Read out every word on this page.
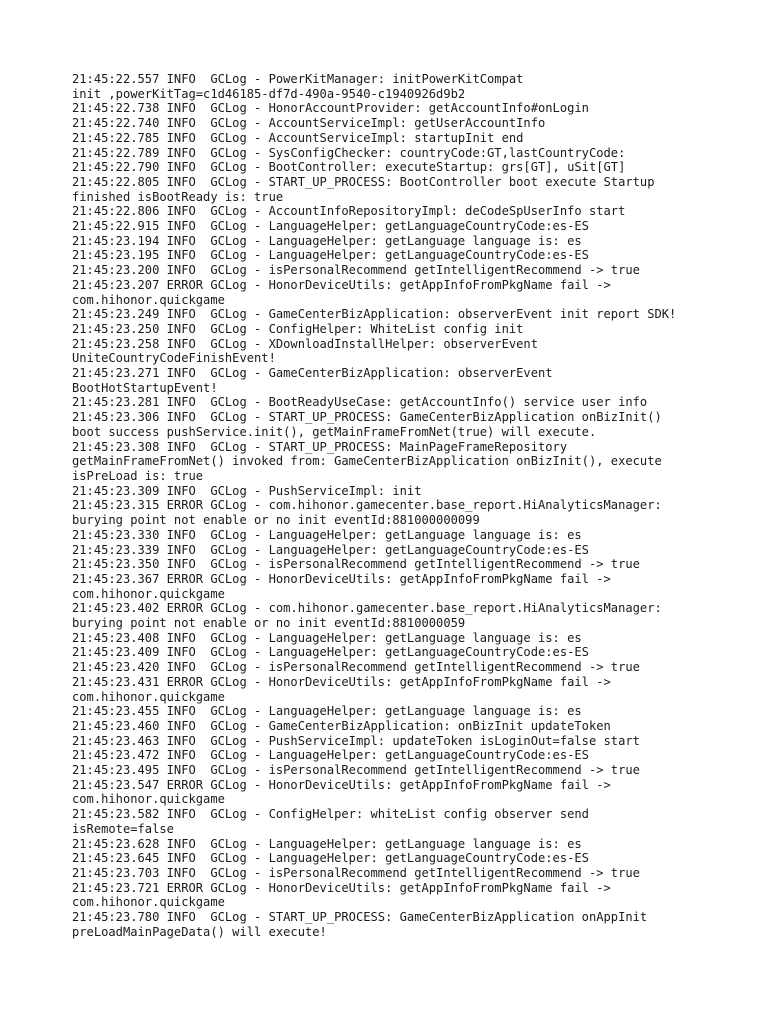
21:45:22.557 INFO  GCLog - PowerKitManager: initPowerKitCompat
init ,powerKitTag=c1d46185-df7d-490a-9540-c1940926d9b2
21:45:22.738 INFO  GCLog - HonorAccountProvider: getAccountInfo#onLogin
21:45:22.740 INFO  GCLog - AccountServiceImpl: getUserAccountInfo
21:45:22.785 INFO  GCLog - AccountServiceImpl: startupInit end
21:45:22.789 INFO  GCLog - SysConfigChecker: countryCode:GT,lastCountryCode:
21:45:22.790 INFO  GCLog - BootController: executeStartup: grs[GT], uSit[GT]
21:45:22.805 INFO  GCLog - START_UP_PROCESS: BootController boot execute Startup
finished isBootReady is: true
21:45:22.806 INFO  GCLog - AccountInfoRepositoryImpl: deCodeSpUserInfo start
21:45:22.915 INFO  GCLog - LanguageHelper: getLanguageCountryCode:es-ES
21:45:23.194 INFO  GCLog - LanguageHelper: getLanguage language is: es
21:45:23.195 INFO  GCLog - LanguageHelper: getLanguageCountryCode:es-ES
21:45:23.200 INFO  GCLog - isPersonalRecommend getIntelligentRecommend -> true
21:45:23.207 ERROR GCLog - HonorDeviceUtils: getAppInfoFromPkgName fail ->
com.hihonor.quickgame
21:45:23.249 INFO  GCLog - GameCenterBizApplication: observerEvent init report SDK!
21:45:23.250 INFO  GCLog - ConfigHelper: WhiteList config init
21:45:23.258 INFO  GCLog - XDownloadInstallHelper: observerEvent
UniteCountryCodeFinishEvent!
21:45:23.271 INFO  GCLog - GameCenterBizApplication: observerEvent
BootHotStartupEvent!
21:45:23.281 INFO  GCLog - BootReadyUseCase: getAccountInfo() service user info
21:45:23.306 INFO  GCLog - START_UP_PROCESS: GameCenterBizApplication onBizInit()
boot success pushService.init(), getMainFrameFromNet(true) will execute.
21:45:23.308 INFO  GCLog - START_UP_PROCESS: MainPageFrameRepository
getMainFrameFromNet() invoked from: GameCenterBizApplication onBizInit(), execute
isPreLoad is: true
21:45:23.309 INFO  GCLog - PushServiceImpl: init
21:45:23.315 ERROR GCLog - com.hihonor.gamecenter.base_report.HiAnalyticsManager:
burying point not enable or no init eventId:881000000099
21:45:23.330 INFO  GCLog - LanguageHelper: getLanguage language is: es
21:45:23.339 INFO  GCLog - LanguageHelper: getLanguageCountryCode:es-ES
21:45:23.350 INFO  GCLog - isPersonalRecommend getIntelligentRecommend -> true
21:45:23.367 ERROR GCLog - HonorDeviceUtils: getAppInfoFromPkgName fail ->
com.hihonor.quickgame
21:45:23.402 ERROR GCLog - com.hihonor.gamecenter.base_report.HiAnalyticsManager:
burying point not enable or no init eventId:8810000059
21:45:23.408 INFO  GCLog - LanguageHelper: getLanguage language is: es
21:45:23.409 INFO  GCLog - LanguageHelper: getLanguageCountryCode:es-ES
21:45:23.420 INFO  GCLog - isPersonalRecommend getIntelligentRecommend -> true
21:45:23.431 ERROR GCLog - HonorDeviceUtils: getAppInfoFromPkgName fail ->
com.hihonor.quickgame
21:45:23.455 INFO  GCLog - LanguageHelper: getLanguage language is: es
21:45:23.460 INFO  GCLog - GameCenterBizApplication: onBizInit updateToken
21:45:23.463 INFO  GCLog - PushServiceImpl: updateToken isLoginOut=false start
21:45:23.472 INFO  GCLog - LanguageHelper: getLanguageCountryCode:es-ES
21:45:23.495 INFO  GCLog - isPersonalRecommend getIntelligentRecommend -> true
21:45:23.547 ERROR GCLog - HonorDeviceUtils: getAppInfoFromPkgName fail ->
com.hihonor.quickgame
21:45:23.582 INFO  GCLog - ConfigHelper: whiteList config observer send
isRemote=false
21:45:23.628 INFO  GCLog - LanguageHelper: getLanguage language is: es
21:45:23.645 INFO  GCLog - LanguageHelper: getLanguageCountryCode:es-ES
21:45:23.703 INFO  GCLog - isPersonalRecommend getIntelligentRecommend -> true
21:45:23.721 ERROR GCLog - HonorDeviceUtils: getAppInfoFromPkgName fail ->
com.hihonor.quickgame
21:45:23.780 INFO  GCLog - START_UP_PROCESS: GameCenterBizApplication onAppInit
preLoadMainPageData() will execute!
